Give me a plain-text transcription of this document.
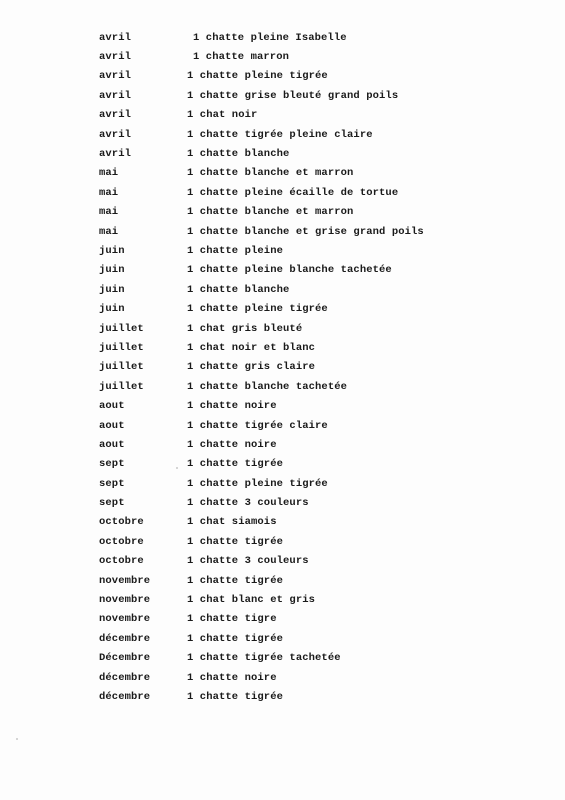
avril	1 chatte pleine Isabelle
avril	1 chatte marron
avril	1 chatte pleine tigrée
avril	1 chatte grise bleuté grand poils
avril	1 chat noir
avril	1 chatte tigrée pleine claire
avril	1 chatte blanche
mai	1 chatte blanche et marron
mai	1 chatte pleine écaille de tortue
mai	1 chatte blanche et marron
mai	1 chatte blanche et grise grand poils
juin	1 chatte pleine
juin	1 chatte pleine blanche tachetée
juin	1 chatte blanche
juin	1 chatte pleine tigrée
juillet	1 chat gris bleuté
juillet	1 chat noir et blanc
juillet	1 chatte gris claire
juillet	1 chatte blanche tachetée
aout	1 chatte noire
aout	1 chatte tigrée claire
aout	1 chatte noire
sept	1 chatte tigrée
sept	1 chatte pleine tigrée
sept	1 chatte 3 couleurs
octobre	1 chat siamois
octobre	1 chatte tigrée
octobre	1 chatte 3 couleurs
novembre	1 chatte tigrée
novembre	1 chat blanc et gris
novembre	1 chatte tigre
décembre	1 chatte tigrée
Décembre	1 chatte tigrée tachetée
décembre	1 chatte noire
décembre	1 chatte tigrée
